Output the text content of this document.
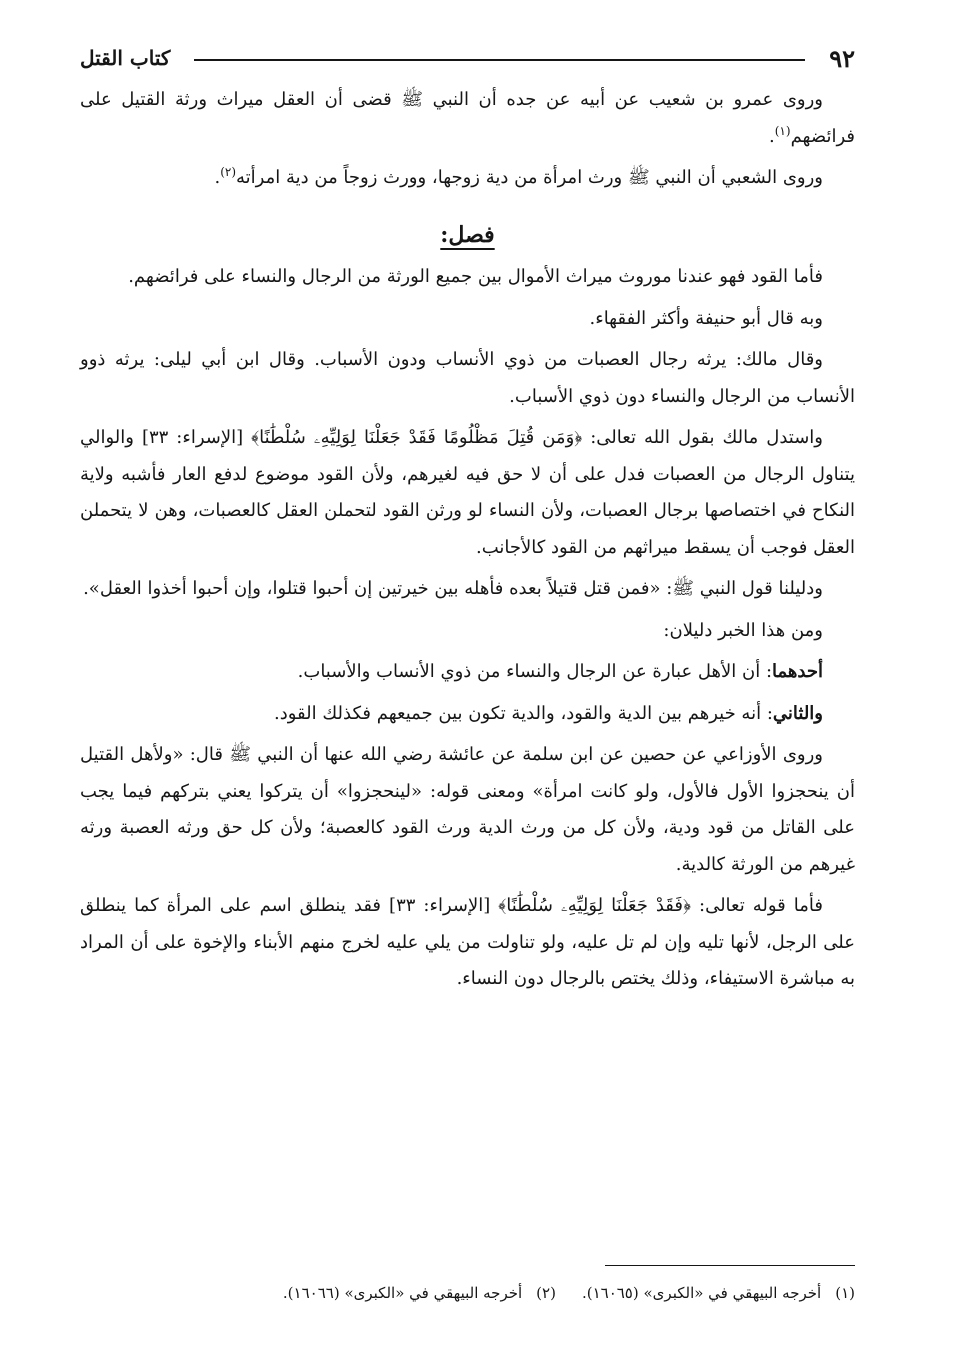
٩٢
كتاب القتل

وروى عمرو بن شعيب عن أبيه عن جده أن النبي ﷺ قضى أن العقل ميراث ورثة القتيل على فرائضهم$^{(١)}$.

وروى الشعبي أن النبي ﷺ ورث امرأة من دية زوجها، وورث زوجاً من دية امرأته$^{(٢)}$.

فصل:

فأما القود فهو عندنا موروث ميراث الأموال بين جميع الورثة من الرجال والنساء على فرائضهم.

وبه قال أبو حنيفة وأكثر الفقهاء.

وقال مالك: يرثه رجال العصبات من ذوي الأنساب ودون الأسباب. وقال ابن أبي ليلى: يرثه ذوو الأنساب من الرجال والنساء دون ذوي الأسباب.

واستدل مالك بقول الله تعالى: ﴿وَمَن قُتِلَ مَظْلُومًا فَقَدْ جَعَلْنَا لِوَلِيِّهِۦ سُلْطَٰنًا﴾ [الإسراء: ٣٣] والوالي يتناول الرجال من العصبات فدل على أن لا حق فيه لغيرهم، ولأن القود موضوع لدفع العار فأشبه ولاية النكاح في اختصاصها برجال العصبات، ولأن النساء لو ورثن القود لتحملن العقل كالعصبات، وهن لا يتحملن العقل فوجب أن يسقط ميراثهم من القود كالأجانب.

ودليلنا قول النبي ﷺ: «فمن قتل قتيلاً بعده فأهله بين خيرتين إن أحبوا قتلوا، وإن أحبوا أخذوا العقل».

ومن هذا الخبر دليلان:

أحدهما: أن الأهل عبارة عن الرجال والنساء من ذوي الأنساب والأسباب.

والثاني: أنه خيرهم بين الدية والقود، والدية تكون بين جميعهم فكذلك القود.

وروى الأوزاعي عن حصين عن ابن سلمة عن عائشة رضي الله عنها أن النبي ﷺ قال: «ولأهل القتيل أن ينحجزوا الأول فالأول، ولو كانت امرأة» ومعنى قوله: «لينحجزوا» أن يتركوا يعني بتركهم فيما يجب على القاتل من قود ودية، ولأن كل من ورث الدية ورث القود كالعصبة؛ ولأن كل حق ورثه العصبة ورثه غيرهم من الورثة كالدية.

فأما قوله تعالى: ﴿فَقَدْ جَعَلْنَا لِوَلِيِّهِۦ سُلْطَٰنًا﴾ [الإسراء: ٣٣] فقد ينطلق اسم على المرأة كما ينطلق على الرجل، لأنها تليه وإن لم تل عليه، ولو تناولت من يلي عليه لخرج منهم الأبناء والإخوة على أن المراد به مباشرة الاستيفاء، وذلك يختص بالرجال دون النساء.

(١)أخرجه البيهقي في «الكبرى» (١٦٠٦٥).(٢)أخرجه البيهقي في «الكبرى» (١٦٠٦٦).
